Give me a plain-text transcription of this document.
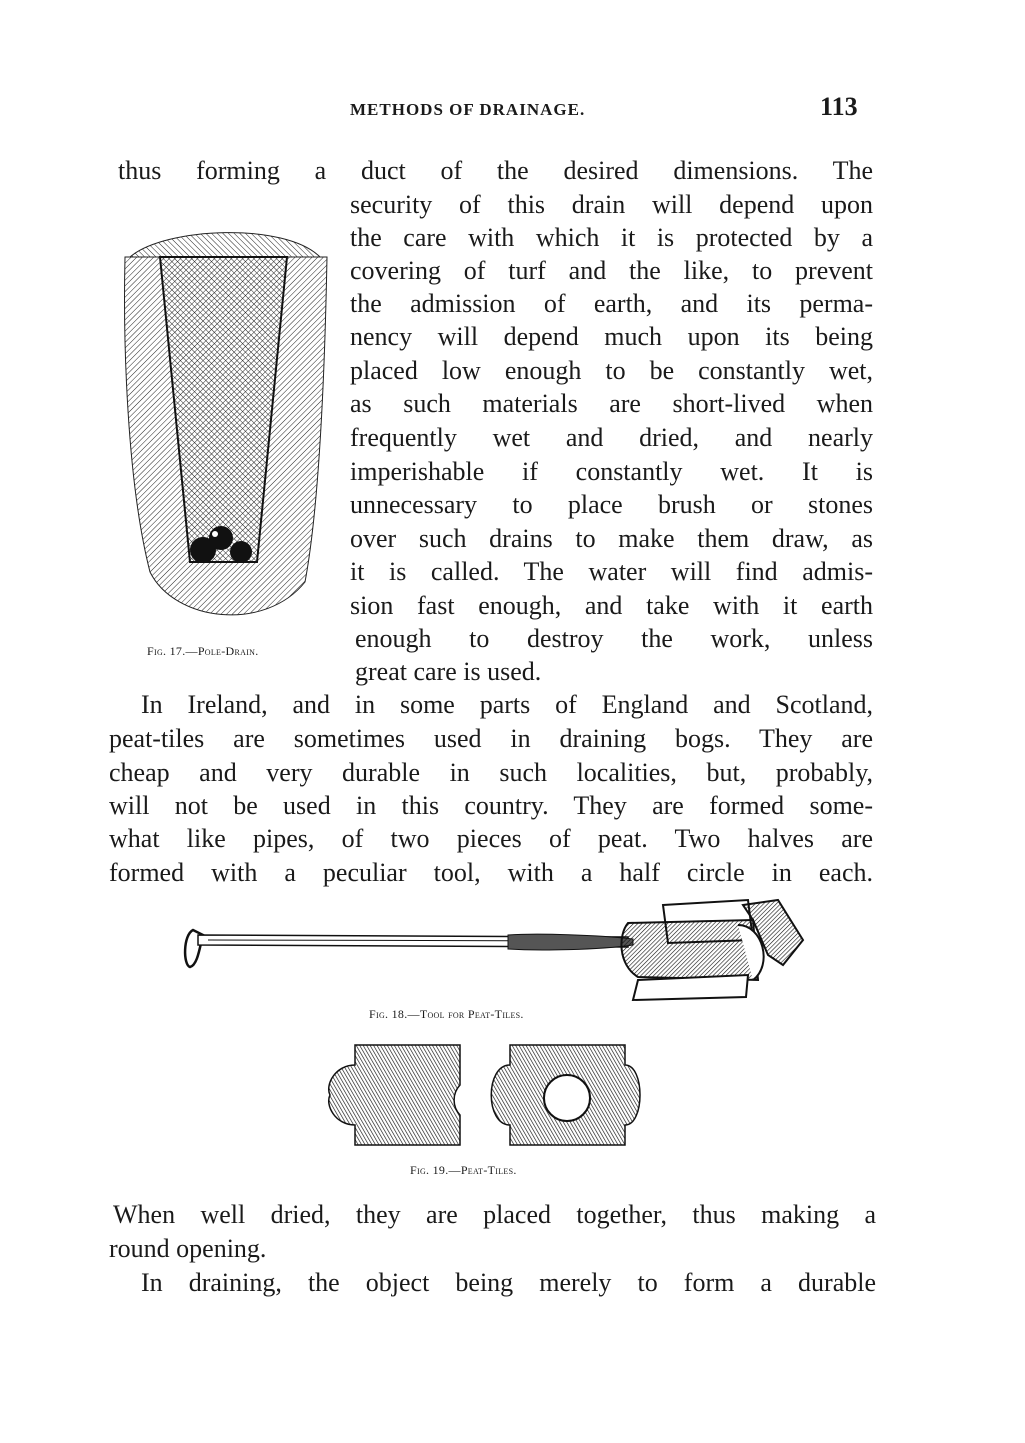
METHODS OF DRAINAGE.	113
thus forming a duct of the desired dimensions. The
security of this drain will depend upon
the care with which it is protected by a
covering of turf and the like, to prevent
the admission of earth, and its perma-
nency will depend much upon its being
placed low enough to be constantly wet,
as such materials are short-lived when
frequently wet and dried, and nearly
imperishable if constantly wet. It is
unnecessary to place brush or stones
over such drains to make them draw, as
it is called. The water will find admis-
sion fast enough, and take with it earth
enough to destroy the work, unless
great care is used.
Fig. 17.—Pole-Drain.
In Ireland, and in some parts of England and Scotland,
peat-tiles are sometimes used in draining bogs. They are
cheap and very durable in such localities, but, probably,
will not be used in this country. They are formed some-
what like pipes, of two pieces of peat. Two halves are
formed with a peculiar tool, with a half circle in each.
Fig. 18.—Tool for Peat-Tiles.
Fig. 19.—Peat-Tiles.
When well dried, they are placed together, thus making a
round opening.
In draining, the object being merely to form a durable
